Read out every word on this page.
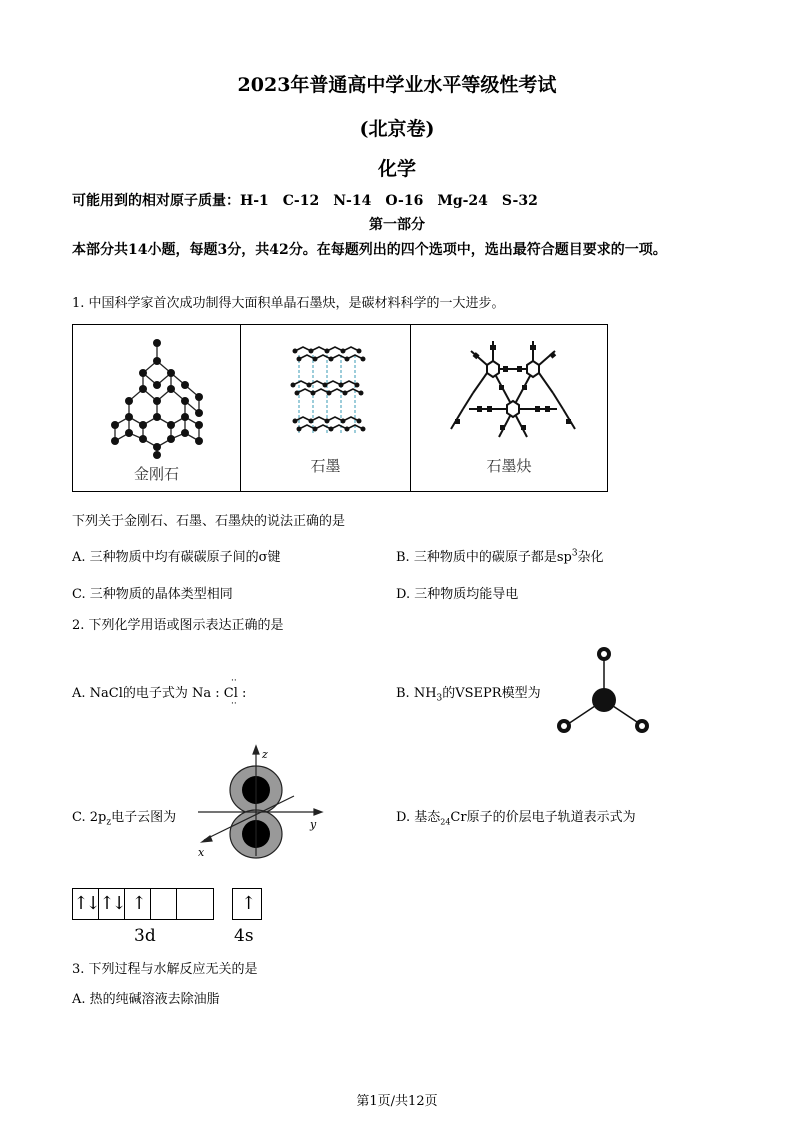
2023年普通高中学业水平等级性考试
(北京卷)
化学
可能用到的相对原子质量：H-1 C-12 N-14 O-16 Mg-24 S-32
第一部分
本部分共14小题，每题3分，共42分。在每题列出的四个选项中，选出最符合题目要求的一项。
1. 中国科学家首次成功制得大面积单晶石墨炔，是碳材料科学的一大进步。
金刚石	石墨	石墨炔
下列关于金刚石、石墨、石墨炔的说法正确的是
A. 三种物质中均有碳碳原子间的σ键	B. 三种物质中的碳原子都是$sp^3$杂化
C. 三种物质的晶体类型相同	D. 三种物质均能导电
2. 下列化学用语或图示表达正确的是
A. NaCl的电子式为 Na : Cl :
··
··
B. $NH_3$的VSEPR模型为
C. $2p_z$电子云图为
z
y
x
D. 基态$_{24}$Cr原子的价层电子轨道表示式为
↑↓ ↑↓ ↑	↑
3d	4s
3. 下列过程与水解反应无关的是
A. 热的纯碱溶液去除油脂
第1页/共12页
